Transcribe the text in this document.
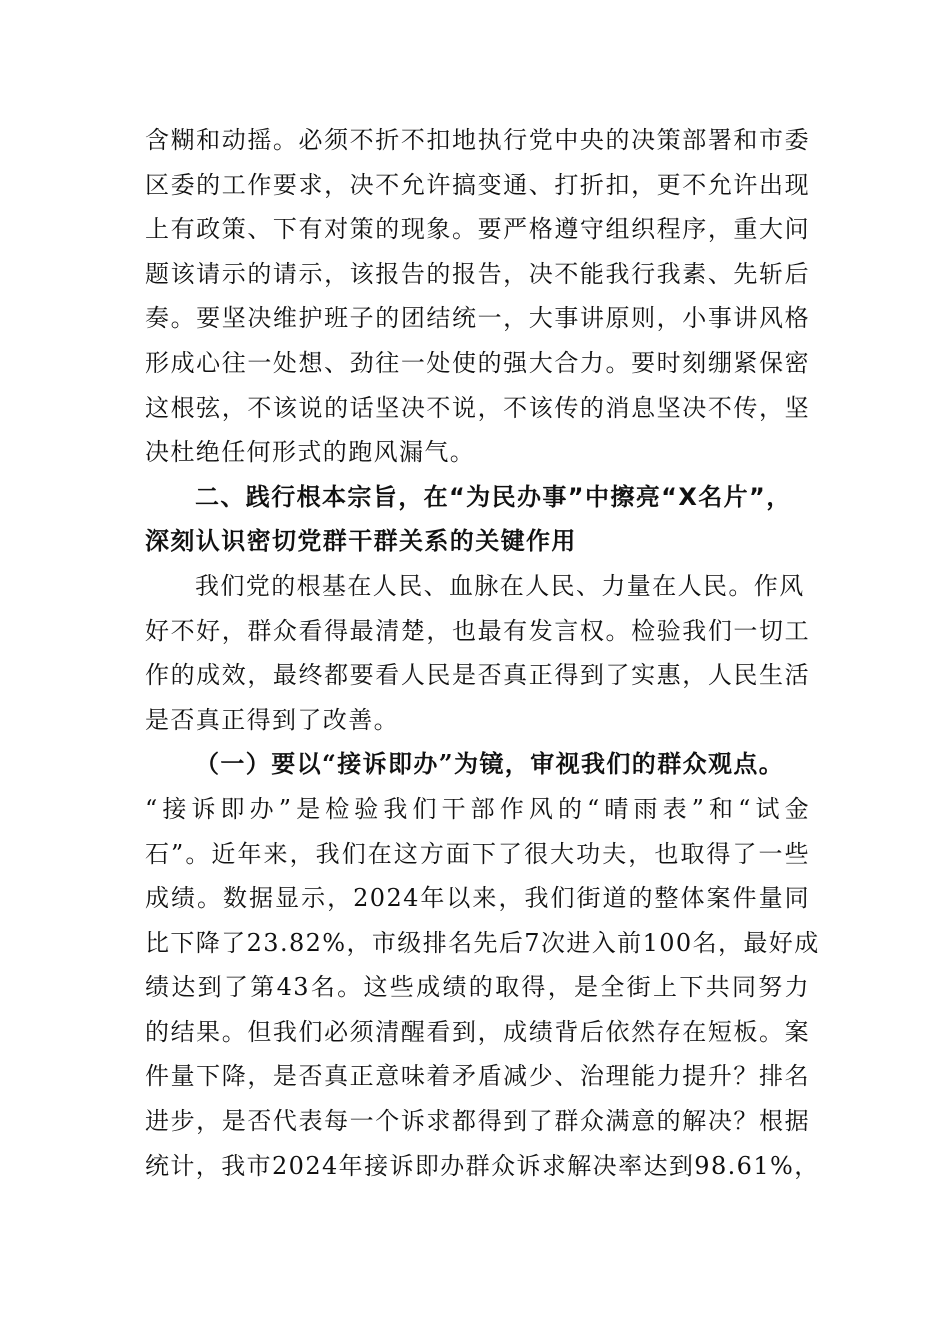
含糊和动摇。必须不折不扣地执行党中央的决策部署和市委
区委的工作要求，决不允许搞变通、打折扣，更不允许出现
上有政策、下有对策的现象。要严格遵守组织程序，重大问
题该请示的请示，该报告的报告，决不能我行我素、先斩后
奏。要坚决维护班子的团结统一，大事讲原则，小事讲风格
形成心往一处想、劲往一处使的强大合力。要时刻绷紧保密
这根弦，不该说的话坚决不说，不该传的消息坚决不传，坚
决杜绝任何形式的跑风漏气。
二、践行根本宗旨，在“为民办事”中擦亮“X名片”，
深刻认识密切党群干群关系的关键作用
我们党的根基在人民、血脉在人民、力量在人民。作风
好不好，群众看得最清楚，也最有发言权。检验我们一切工
作的成效，最终都要看人民是否真正得到了实惠，人民生活
是否真正得到了改善。
（一）要以“接诉即办”为镜，审视我们的群众观点。
“接诉即办”是检验我们干部作风的“晴雨表”和“试金
石”。近年来，我们在这方面下了很大功夫，也取得了一些
成绩。数据显示，2024年以来，我们街道的整体案件量同
比下降了23.82%，市级排名先后7次进入前100名，最好成
绩达到了第43名。这些成绩的取得，是全街上下共同努力
的结果。但我们必须清醒看到，成绩背后依然存在短板。案
件量下降，是否真正意味着矛盾减少、治理能力提升？排名
进步，是否代表每一个诉求都得到了群众满意的解决？根据
统计，我市2024年接诉即办群众诉求解决率达到98.61%，
